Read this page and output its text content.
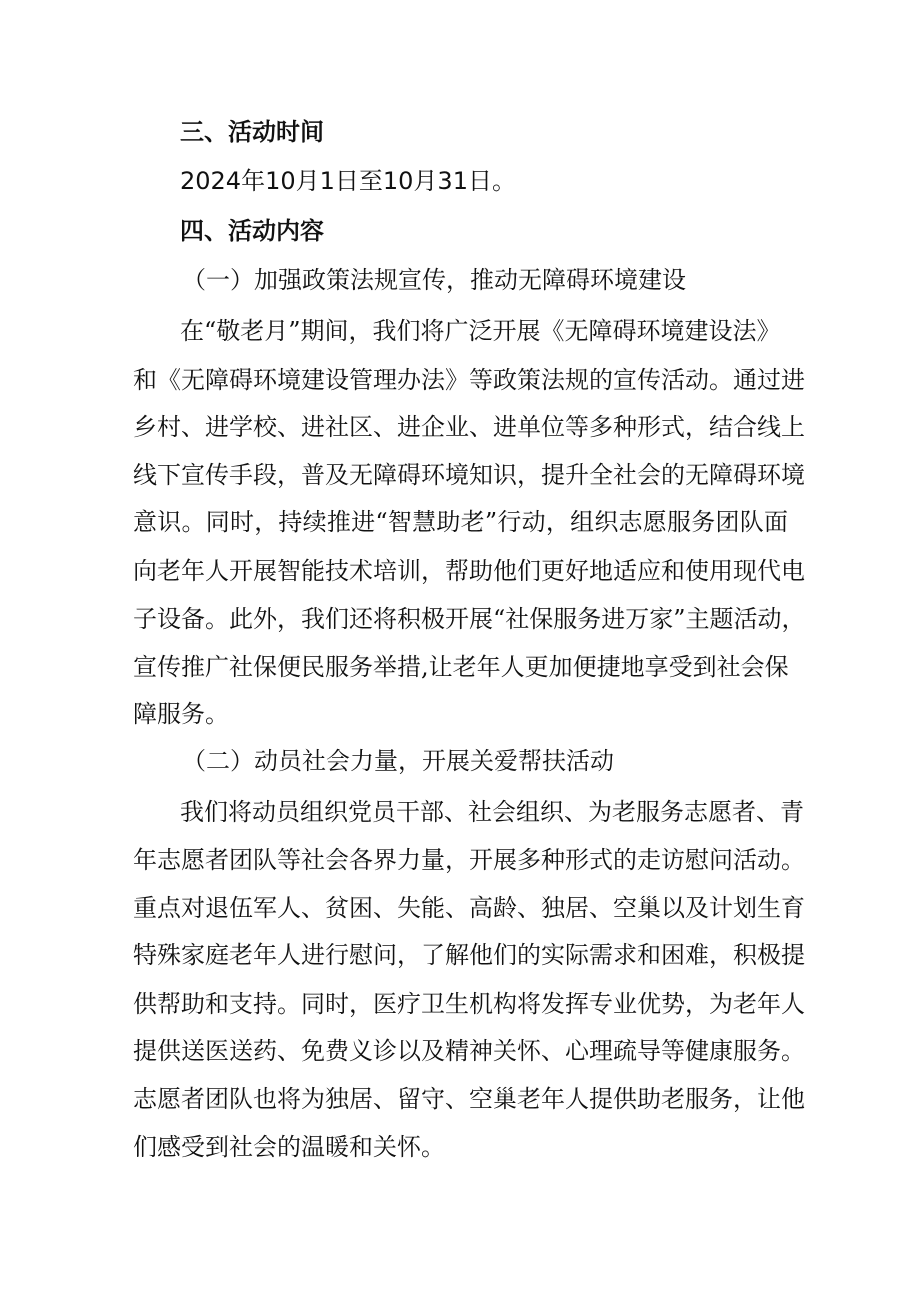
三、活动时间
2024年10月1日至10月31日。
四、活动内容
（一）加强政策法规宣传，推动无障碍环境建设
在“敬老月”期间，我们将广泛开展《无障碍环境建设法》
和《无障碍环境建设管理办法》等政策法规的宣传活动。通过进
乡村、进学校、进社区、进企业、进单位等多种形式，结合线上
线下宣传手段，普及无障碍环境知识，提升全社会的无障碍环境
意识。同时，持续推进“智慧助老”行动，组织志愿服务团队面
向老年人开展智能技术培训，帮助他们更好地适应和使用现代电
子设备。此外，我们还将积极开展“社保服务进万家”主题活动，
宣传推广社保便民服务举措,让老年人更加便捷地享受到社会保
障服务。
（二）动员社会力量，开展关爱帮扶活动
我们将动员组织党员干部、社会组织、为老服务志愿者、青
年志愿者团队等社会各界力量，开展多种形式的走访慰问活动。
重点对退伍军人、贫困、失能、高龄、独居、空巢以及计划生育
特殊家庭老年人进行慰问，了解他们的实际需求和困难，积极提
供帮助和支持。同时，医疗卫生机构将发挥专业优势，为老年人
提供送医送药、免费义诊以及精神关怀、心理疏导等健康服务。
志愿者团队也将为独居、留守、空巢老年人提供助老服务，让他
们感受到社会的温暖和关怀。
